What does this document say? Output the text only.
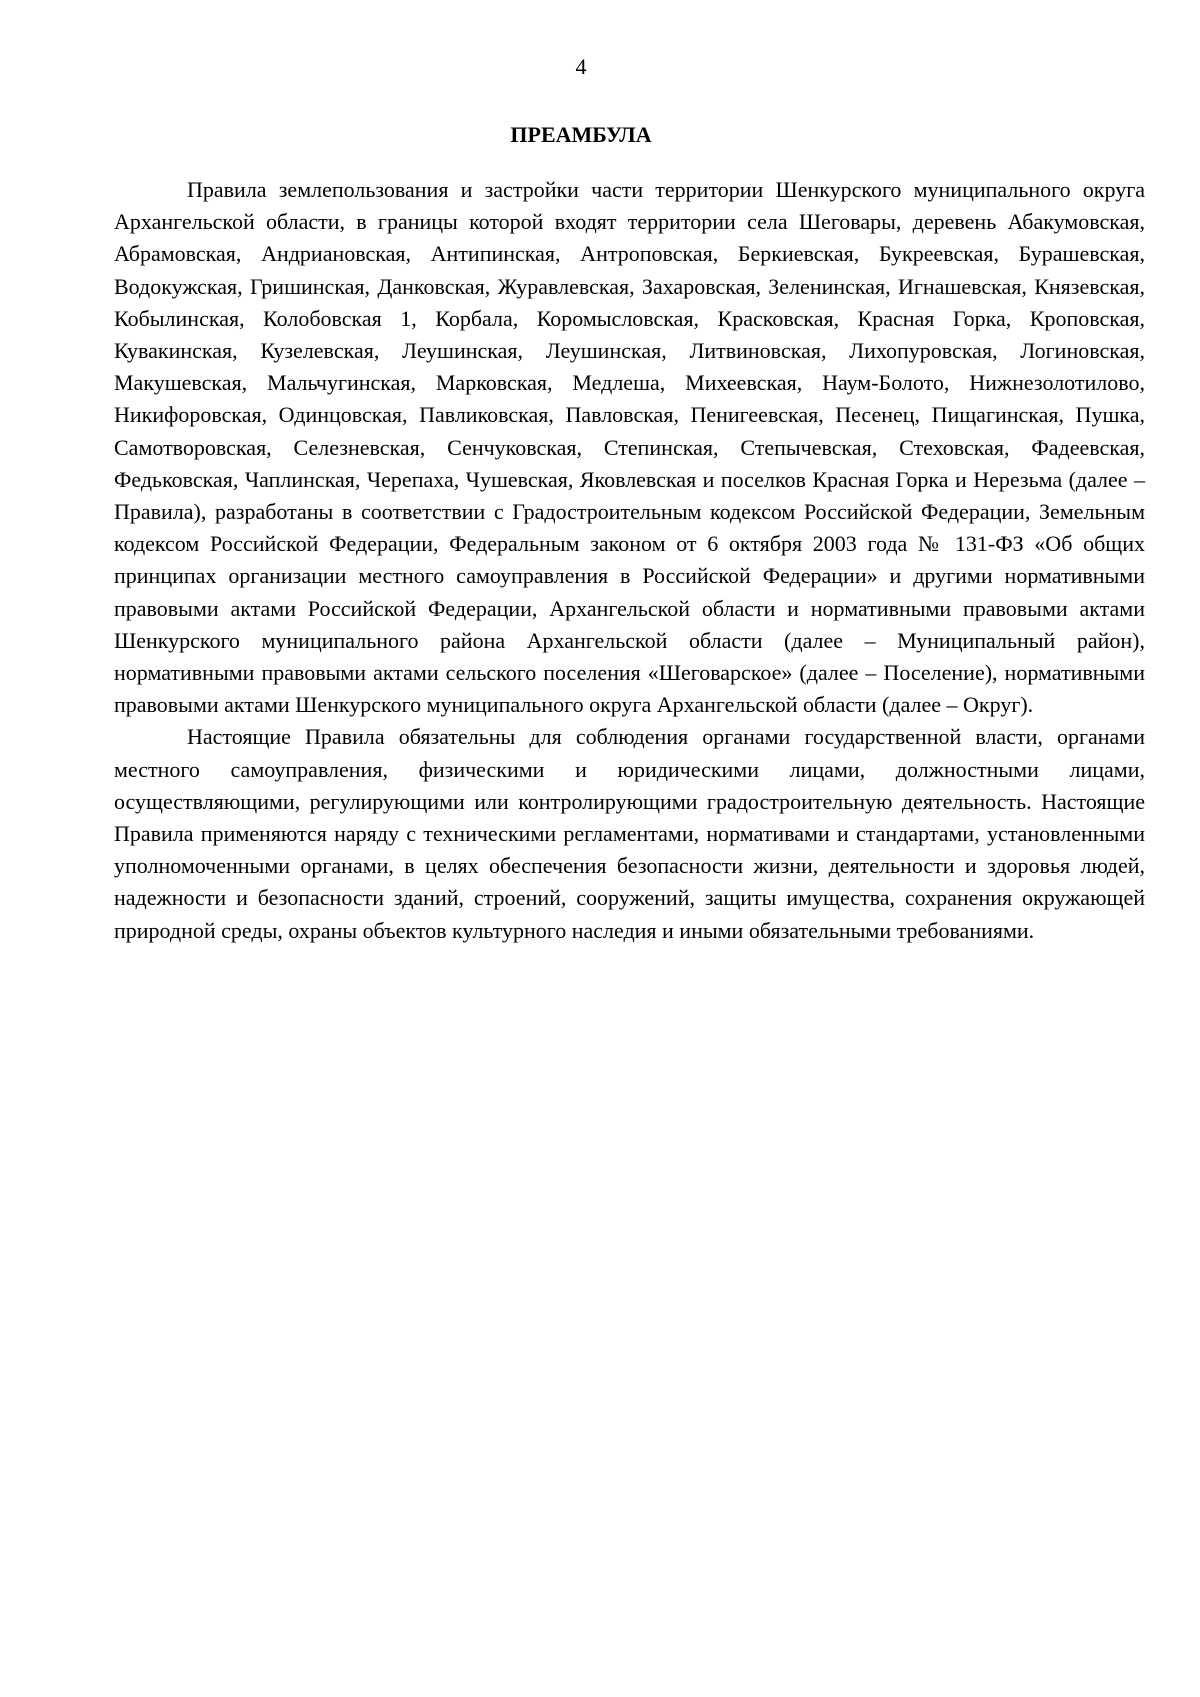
4
ПРЕАМБУЛА

Правила землепользования и застройки части территории Шенкурского муниципального округа Архангельской области, в границы которой входят территории села Шеговары, деревень Абакумовская, Абрамовская, Андриановская, Антипинская, Антроповская, Беркиевская, Букреевская, Бурашевская, Водокужская, Гришинская, Данковская, Журавлевская, Захаровская, Зеленинская, Игнашевская, Князевская, Кобылинская, Колобовская 1, Корбала, Коромысловская, Красковская, Красная Горка, Кроповская, Кувакинская, Кузелевская, Леушинская, Леушинская, Литвиновская, Лихопуровская, Логиновская, Макушевская, Мальчугинская, Марковская, Медлеша, Михеевская, Наум-Болото, Нижнезолотилово, Никифоровская, Одинцовская, Павликовская, Павловская, Пенигеевская, Песенец, Пищагинская, Пушка, Самотворовская, Селезневская, Сенчуковская, Степинская, Степычевская, Стеховская, Фадеевская, Федьковская, Чаплинская, Черепаха, Чушевская, Яковлевская и поселков Красная Горка и Нерезьма (далее – Правила), разработаны в соответствии с Градостроительным кодексом Российской Федерации, Земельным кодексом Российской Федерации, Федеральным законом от 6 октября 2003 года № 131-ФЗ «Об общих принципах организации местного самоуправления в Российской Федерации» и другими нормативными правовыми актами Российской Федерации, Архангельской области и нормативными правовыми актами Шенкурского муниципального района Архангельской области (далее – Муниципальный район), нормативными правовыми актами сельского поселения «Шеговарское» (далее – Поселение), нормативными правовыми актами Шенкурского муниципального округа Архангельской области (далее – Округ).

Настоящие Правила обязательны для соблюдения органами государственной власти, органами местного самоуправления, физическими и юридическими лицами, должностными лицами, осуществляющими, регулирующими или контролирующими градостроительную деятельность. Настоящие Правила применяются наряду с техническими регламентами, нормативами и стандартами, установленными уполномоченными органами, в целях обеспечения безопасности жизни, деятельности и здоровья людей, надежности и безопасности зданий, строений, сооружений, защиты имущества, сохранения окружающей природной среды, охраны объектов культурного наследия и иными обязательными требованиями.
